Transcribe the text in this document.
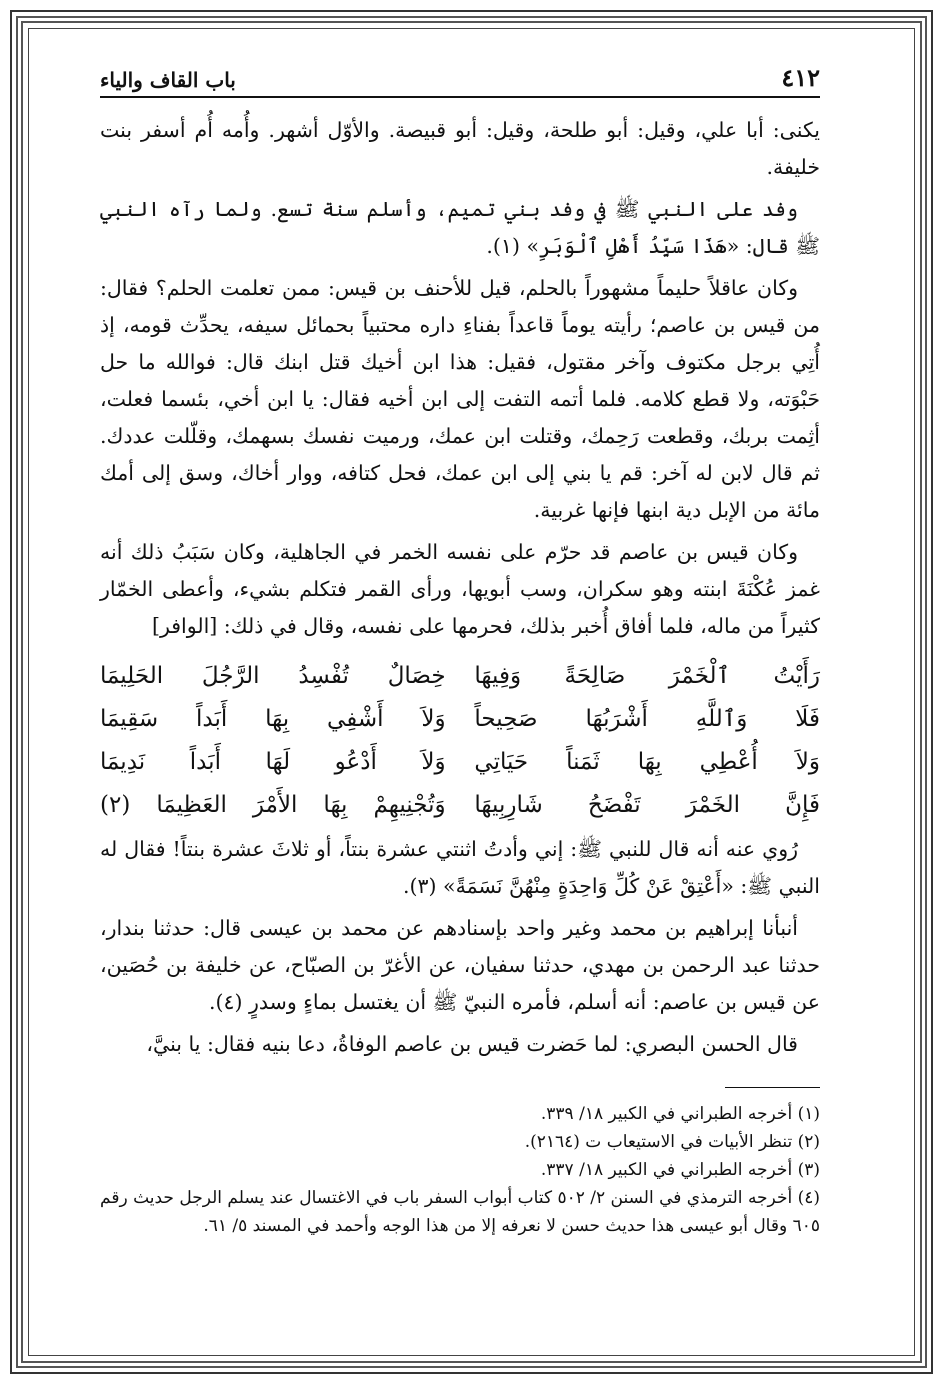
٤١٢
باب القاف والياء

يكنى: أبا علي، وقيل: أبو طلحة، وقيل: أبو قبيصة. والأوّل أشهر. وأُمه أُم أسفر بنت خليفة.

وفد على النبي ﷺ في وفد بني تميم، وأسلم سنة تسع. ولما رآه النبي ﷺ قال: «هَذَا سَيِّدُ أَهْلِ ٱلْوَبَرِ» (١).

وكان عاقلاً حليماً مشهوراً بالحلم، قيل للأحنف بن قيس: ممن تعلمت الحلم؟ فقال: من قيس بن عاصم؛ رأيته يوماً قاعداً بفناءِ داره محتبياً بحمائل سيفه، يحدِّث قومه، إذ أُتِي برجل مكتوف وآخر مقتول، فقيل: هذا ابن أخيك قتل ابنك قال: فوالله ما حل حَبْوَته، ولا قطع كلامه. فلما أتمه التفت إلى ابن أخيه فقال: يا ابن أخي، بئسما فعلت، أثِمت بربك، وقطعت رَحِمك، وقتلت ابن عمك، ورميت نفسك بسهمك، وقلّلت عددك. ثم قال لابن له آخر: قم يا بني إلى ابن عمك، فحل كتافه، ووار أخاك، وسق إلى أمك مائة من الإبل دية ابنها فإنها غربية.

وكان قيس بن عاصم قد حرّم على نفسه الخمر في الجاهلية، وكان سَبَبُ ذلك أنه غمز عُكْنَةَ ابنته وهو سكران، وسب أبويها، ورأى القمر فتكلم بشيء، وأعطى الخمّار كثيراً من ماله، فلما أفاق أُخبر بذلك، فحرمها على نفسه، وقال في ذلك: [الوافر]

رَأَيْتُ ٱلْخَمْرَ صَالِحَةً وَفِيهَا
خِصَالٌ تُفْسِدُ الرَّجُلَ الحَلِيمَا
فَلَا وَٱللَّهِ أَشْرَبُهَا صَحِيحاً
وَلاَ أَشْفِي بِهَا أَبَداً سَقِيمَا
وَلاَ أُعْطِي بِهَا ثَمَناً حَيَاتِي
وَلاَ أَدْعُو لَهَا أَبَداً نَدِيمَا
فَإِنَّ الخَمْرَ تَفْضَحُ شَارِبِيهَا
وَتُجْنِيهِمْ بِهَا الأَمْرَ العَظِيمَا (٢)

رُوي عنه أنه قال للنبي ﷺ: إني وأدتُ اثنتي عشرة بنتاً، أو ثلاثَ عشرة بنتاً! فقال له النبي ﷺ: «أَعْتِقْ عَنْ كُلِّ وَاحِدَةٍ مِنْهُنَّ نَسَمَةً» (٣).

أنبأنا إبراهيم بن محمد وغير واحد بإسنادهم عن محمد بن عيسى قال: حدثنا بندار، حدثنا عبد الرحمن بن مهدي، حدثنا سفيان، عن الأغرّ بن الصبّاح، عن خليفة بن حُصَين، عن قيس بن عاصم: أنه أسلم، فأمره النبيّ ﷺ أن يغتسل بماءٍ وسدرٍ (٤).

قال الحسن البصري: لما حَضرت قيس بن عاصم الوفاةُ، دعا بنيه فقال: يا بنيَّ،

(١) أخرجه الطبراني في الكبير ١٨/ ٣٣٩.

(٢) تنظر الأبيات في الاستيعاب ت (٢١٦٤).

(٣) أخرجه الطبراني في الكبير ١٨/ ٣٣٧.

(٤) أخرجه الترمذي في السنن ٢/ ٥٠٢ كتاب أبواب السفر باب في الاغتسال عند يسلم الرجل حديث رقم ٦٠٥ وقال أبو عيسى هذا حديث حسن لا نعرفه إلا من هذا الوجه وأحمد في المسند ٥/ ٦١.
